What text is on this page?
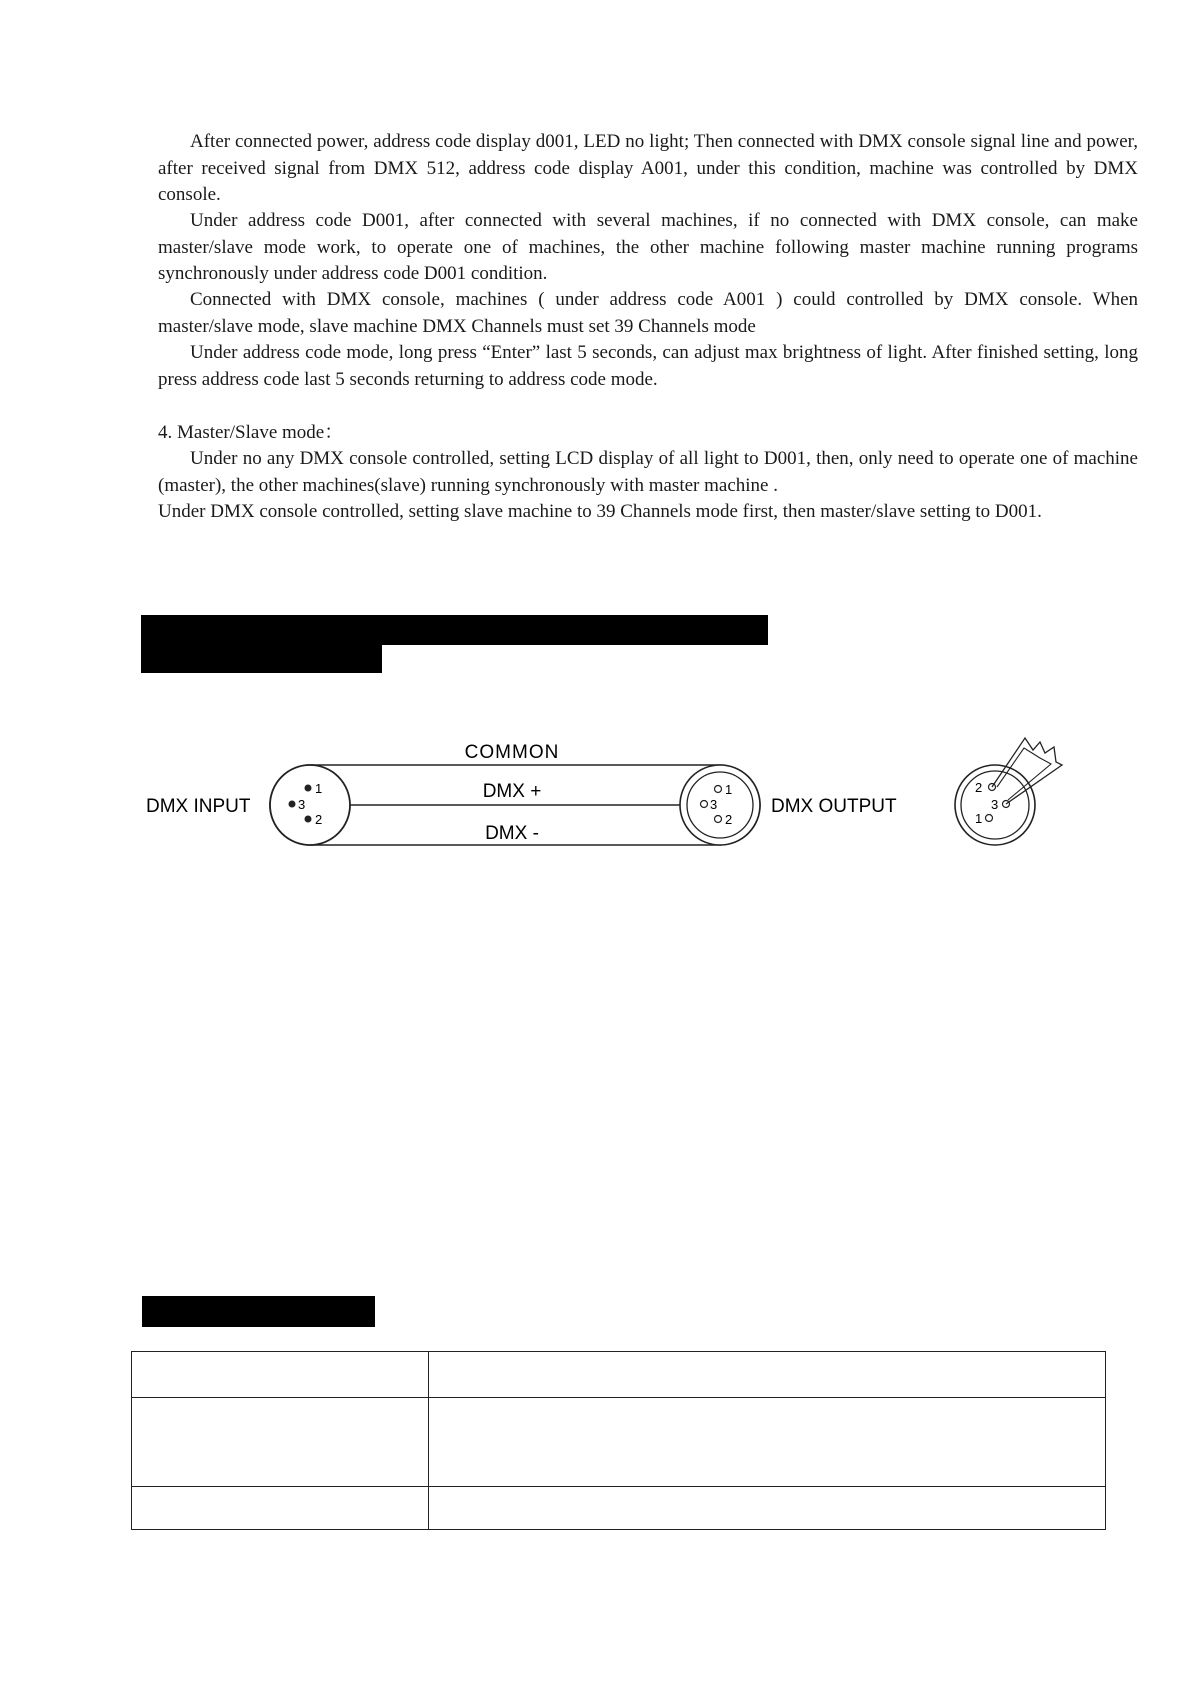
After connected power, address code display d001, LED no light; Then connected with DMX console signal line and power, after received signal from DMX 512, address code display A001, under this condition, machine was controlled by DMX console.

Under address code D001, after connected with several machines, if no connected with DMX console, can make master/slave mode work, to operate one of machines, the other machine following master machine running programs synchronously under address code D001 condition.

Connected with DMX console, machines ( under address code A001 ) could controlled by DMX console. When master/slave mode, slave machine DMX Channels must set 39 Channels mode

Under address code mode, long press “Enter” last 5 seconds, can adjust max brightness of light. After finished setting, long press address code last 5 seconds returning to address code mode.

4. Master/Slave mode：

Under no any DMX console controlled, setting LCD display of all light to D001, then, only need to operate one of machine (master), the other machines(slave) running synchronously with master machine .

Under DMX console controlled, setting slave machine to 39 Channels mode first, then master/slave setting to D001.

1
3
2
1
3
2
COMMON
DMX +
DMX -
DMX INPUT	DMX OUTPUT
2
3
1
